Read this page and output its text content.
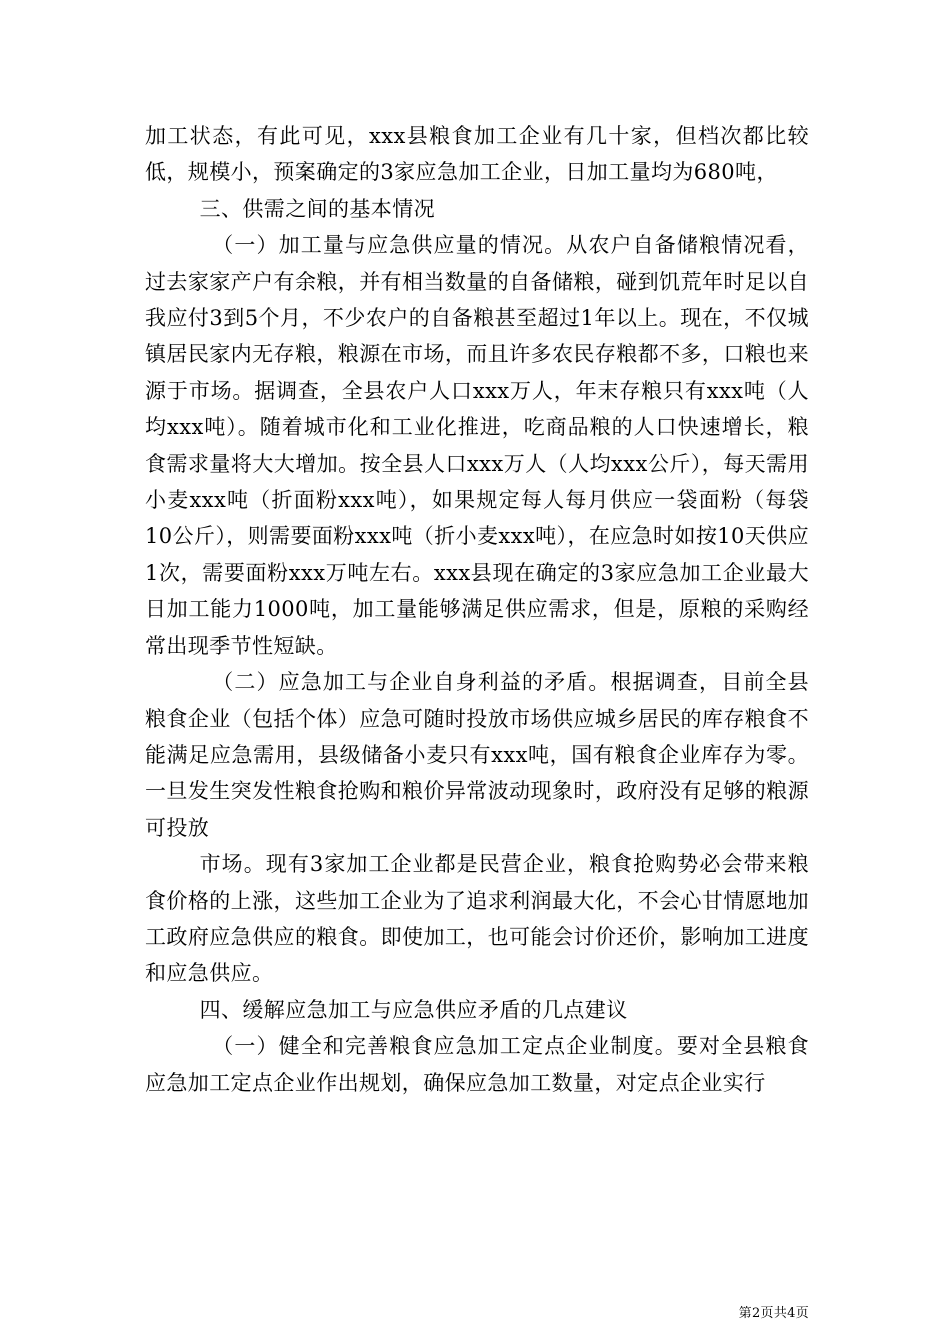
加工状态，有此可见，xxx县粮食加工企业有几十家，但档次都比较低，规模小，预案确定的3家应急加工企业，日加工量均为680吨，

三、供需之间的基本情况

（一）加工量与应急供应量的情况。从农户自备储粮情况看，过去家家产户有余粮，并有相当数量的自备储粮，碰到饥荒年时足以自我应付3到5个月，不少农户的自备粮甚至超过1年以上。现在，不仅城镇居民家内无存粮，粮源在市场，而且许多农民存粮都不多，口粮也来源于市场。据调查，全县农户人口xxx万人，年末存粮只有xxx吨（人均xxx吨）。随着城市化和工业化推进，吃商品粮的人口快速增长，粮食需求量将大大增加。按全县人口xxx万人（人均xxx公斤），每天需用小麦xxx吨（折面粉xxx吨），如果规定每人每月供应一袋面粉（每袋10公斤），则需要面粉xxx吨（折小麦xxx吨），在应急时如按10天供应1次，需要面粉xxx万吨左右。xxx县现在确定的3家应急加工企业最大日加工能力1000吨，加工量能够满足供应需求，但是，原粮的采购经常出现季节性短缺。

（二）应急加工与企业自身利益的矛盾。根据调查，目前全县粮食企业（包括个体）应急可随时投放市场供应城乡居民的库存粮食不能满足应急需用，县级储备小麦只有xxx吨，国有粮食企业库存为零。一旦发生突发性粮食抢购和粮价异常波动现象时，政府没有足够的粮源可投放

市场。现有3家加工企业都是民营企业，粮食抢购势必会带来粮食价格的上涨，这些加工企业为了追求利润最大化，不会心甘情愿地加工政府应急供应的粮食。即使加工，也可能会讨价还价，影响加工进度和应急供应。

四、缓解应急加工与应急供应矛盾的几点建议

（一）健全和完善粮食应急加工定点企业制度。要对全县粮食应急加工定点企业作出规划，确保应急加工数量，对定点企业实行

第2页共4页
